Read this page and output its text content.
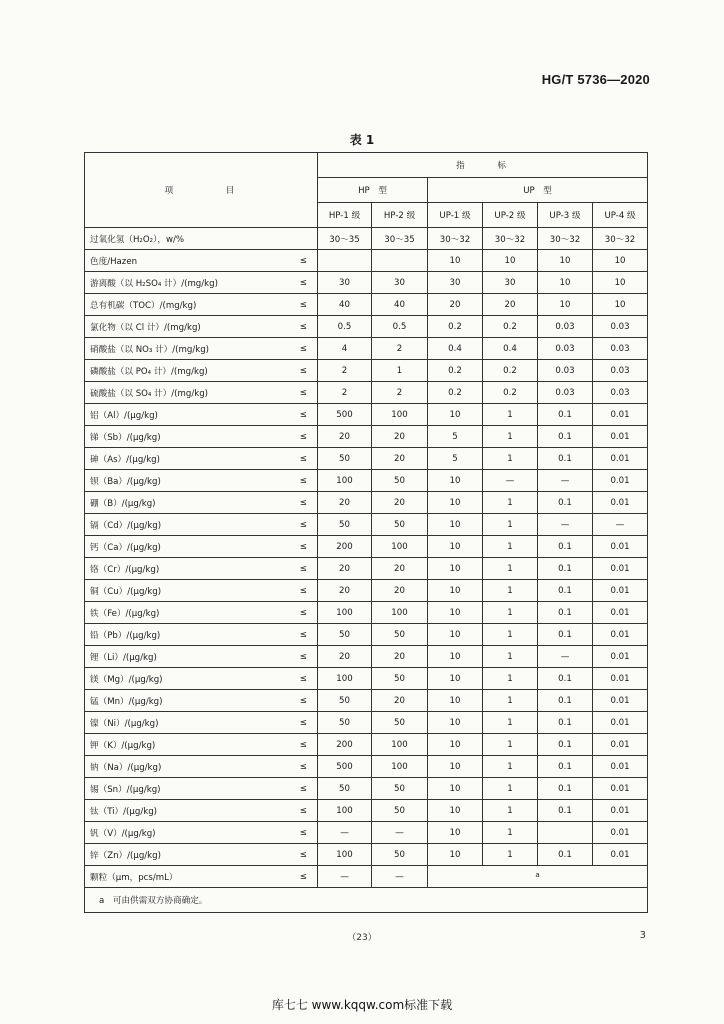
HG/T 5736—2020
表 1
项　目	指　标					
	HP　型		UP　型			
	HP-1 级	HP-2 级	UP-1 级	UP-2 级	UP-3 级	UP-4 级
过氧化氢（H₂O₂），w/%	30～35	30～35	30～32	30～32	30～32	30～32
色度/Hazen ≤			10	10	10	10
游离酸（以 H₂SO₄ 计）/(mg/kg) ≤	30	30	30	30	10	10
总有机碳（TOC）/(mg/kg) ≤	40	40	20	20	10	10
氯化物（以 Cl 计）/(mg/kg) ≤	0.5	0.5	0.2	0.2	0.03	0.03
硝酸盐（以 NO₃ 计）/(mg/kg) ≤	4	2	0.4	0.4	0.03	0.03
磷酸盐（以 PO₄ 计）/(mg/kg) ≤	2	1	0.2	0.2	0.03	0.03
硫酸盐（以 SO₄ 计）/(mg/kg) ≤	2	2	0.2	0.2	0.03	0.03
铝（Al）/(μg/kg) ≤	500	100	10	1	0.1	0.01
锑（Sb）/(μg/kg) ≤	20	20	5	1	0.1	0.01
砷（As）/(μg/kg) ≤	50	20	5	1	0.1	0.01
钡（Ba）/(μg/kg) ≤	100	50	10	—	—	0.01
硼（B）/(μg/kg) ≤	20	20	10	1	0.1	0.01
镉（Cd）/(μg/kg) ≤	50	50	10	1	—	—
钙（Ca）/(μg/kg) ≤	200	100	10	1	0.1	0.01
铬（Cr）/(μg/kg) ≤	20	20	10	1	0.1	0.01
铜（Cu）/(μg/kg) ≤	20	20	10	1	0.1	0.01
铁（Fe）/(μg/kg) ≤	100	100	10	1	0.1	0.01
铅（Pb）/(μg/kg) ≤	50	50	10	1	0.1	0.01
锂（Li）/(μg/kg) ≤	20	20	10	1	—	0.01
镁（Mg）/(μg/kg) ≤	100	50	10	1	0.1	0.01
锰（Mn）/(μg/kg) ≤	50	20	10	1	0.1	0.01
镍（Ni）/(μg/kg) ≤	50	50	10	1	0.1	0.01
钾（K）/(μg/kg) ≤	200	100	10	1	0.1	0.01
钠（Na）/(μg/kg) ≤	500	100	10	1	0.1	0.01
锡（Sn）/(μg/kg) ≤	50	50	10	1	0.1	0.01
钛（Ti）/(μg/kg) ≤	100	50	10	1	0.1	0.01
钒（V）/(μg/kg) ≤	—	—	10	1		0.01
锌（Zn）/(μg/kg) ≤	100	50	10	1	0.1	0.01
颗粒（μm，pcs/mL） ≤	—	—	$^a$
a　可由供需双方协商确定。						
（23）	3
库七七 www.kqqw.com标准下载
